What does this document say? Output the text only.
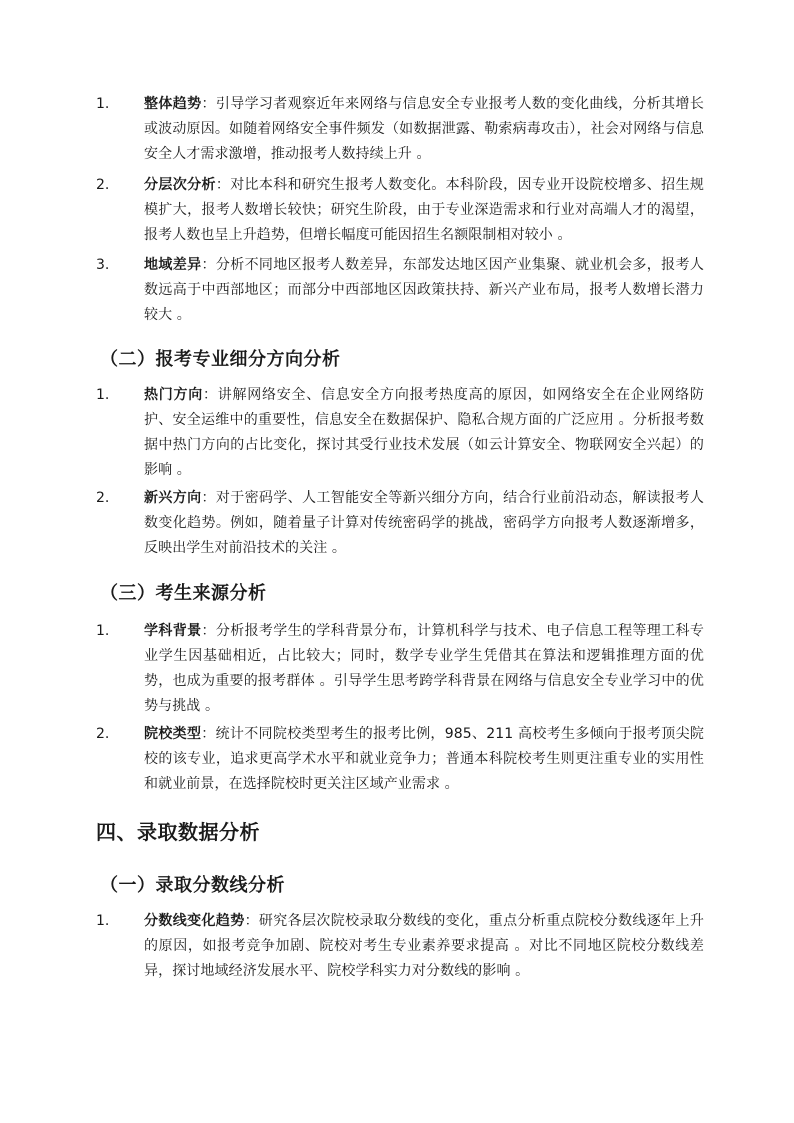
1. 整体趋势：引导学习者观察近年来网络与信息安全专业报考人数的变化曲线，分析其增长或波动原因。如随着网络安全事件频发（如数据泄露、勒索病毒攻击），社会对网络与信息安全人才需求激增，推动报考人数持续上升 。
2. 分层次分析：对比本科和研究生报考人数变化。本科阶段，因专业开设院校增多、招生规模扩大，报考人数增长较快；研究生阶段，由于专业深造需求和行业对高端人才的渴望，报考人数也呈上升趋势，但增长幅度可能因招生名额限制相对较小 。
3. 地域差异：分析不同地区报考人数差异，东部发达地区因产业集聚、就业机会多，报考人数远高于中西部地区；而部分中西部地区因政策扶持、新兴产业布局，报考人数增长潜力较大 。
（二）报考专业细分方向分析
1. 热门方向：讲解网络安全、信息安全方向报考热度高的原因，如网络安全在企业网络防护、安全运维中的重要性，信息安全在数据保护、隐私合规方面的广泛应用 。分析报考数据中热门方向的占比变化，探讨其受行业技术发展（如云计算安全、物联网安全兴起）的影响 。
2. 新兴方向：对于密码学、人工智能安全等新兴细分方向，结合行业前沿动态，解读报考人数变化趋势。例如，随着量子计算对传统密码学的挑战，密码学方向报考人数逐渐增多，反映出学生对前沿技术的关注 。
（三）考生来源分析
1. 学科背景：分析报考学生的学科背景分布，计算机科学与技术、电子信息工程等理工科专业学生因基础相近，占比较大；同时，数学专业学生凭借其在算法和逻辑推理方面的优势，也成为重要的报考群体 。引导学生思考跨学科背景在网络与信息安全专业学习中的优势与挑战 。
2. 院校类型：统计不同院校类型考生的报考比例，985、211 高校考生多倾向于报考顶尖院校的该专业，追求更高学术水平和就业竞争力；普通本科院校考生则更注重专业的实用性和就业前景，在选择院校时更关注区域产业需求 。
四、录取数据分析
（一）录取分数线分析
1. 分数线变化趋势：研究各层次院校录取分数线的变化，重点分析重点院校分数线逐年上升的原因，如报考竞争加剧、院校对考生专业素养要求提高 。对比不同地区院校分数线差异，探讨地域经济发展水平、院校学科实力对分数线的影响 。
